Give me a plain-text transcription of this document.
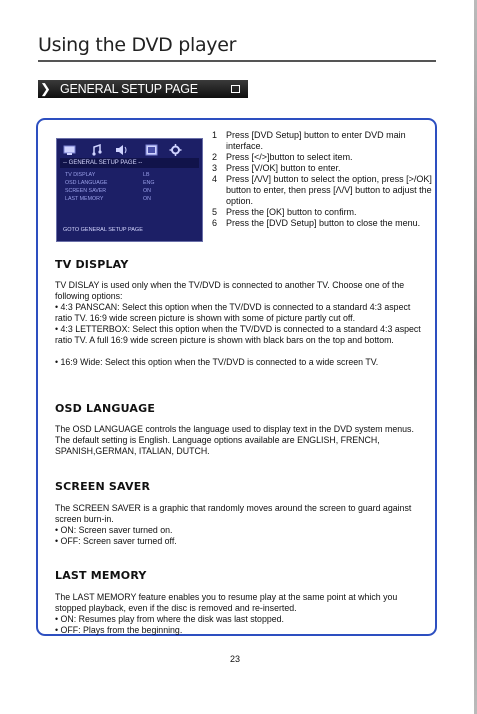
Using the DVD player
❯ GENERAL SETUP PAGE
-- GENERAL SETUP PAGE --
TV DISPLAY	LB
OSD LANGUAGE	ENG
SCREEN SAVER	ON
LAST MEMORY	ON
GOTO GENERAL SETUP PAGE
1 Press [DVD Setup] button to enter DVD main interface.
2 Press [</>]button to select item.
3 Press [V/OK] button to enter.
4 Press [Λ/V] button to select the option, press [>/OK] button to enter, then press [Λ/V] button to adjust the option.
5 Press the [OK] button to confirm.
6 Press the [DVD Setup] button to close the menu.
TV DISPLAY

TV DISLAY is used only when the TV/DVD is connected to another TV. Choose one of the following options:

• 4:3 PANSCAN: Select this option when the TV/DVD is connected to a standard 4:3 aspect ratio TV. 16:9 wide screen picture is shown with some of picture partly cut off.

• 4:3 LETTERBOX: Select this option when the TV/DVD is connected to a standard 4:3 aspect ratio TV. A full 16:9 wide screen picture is shown with black bars on the top and bottom.

• 16:9 Wide: Select this option when the TV/DVD is connected to a wide screen TV.

OSD LANGUAGE

The OSD LANGUAGE controls the language used to display text in the DVD system menus. The default setting is English. Language options available are ENGLISH, FRENCH, SPANISH,GERMAN, ITALIAN, DUTCH.

SCREEN SAVER

The SCREEN SAVER is a graphic that randomly moves around the screen to guard against screen burn-in.

• ON: Screen saver turned on.

• OFF: Screen saver turned off.

LAST MEMORY

The LAST MEMORY feature enables you to resume play at the same point at which you stopped playback, even if the disc is removed and re-inserted.

• ON: Resumes play from where the disk was last stopped.

• OFF: Plays from the beginning.

23
